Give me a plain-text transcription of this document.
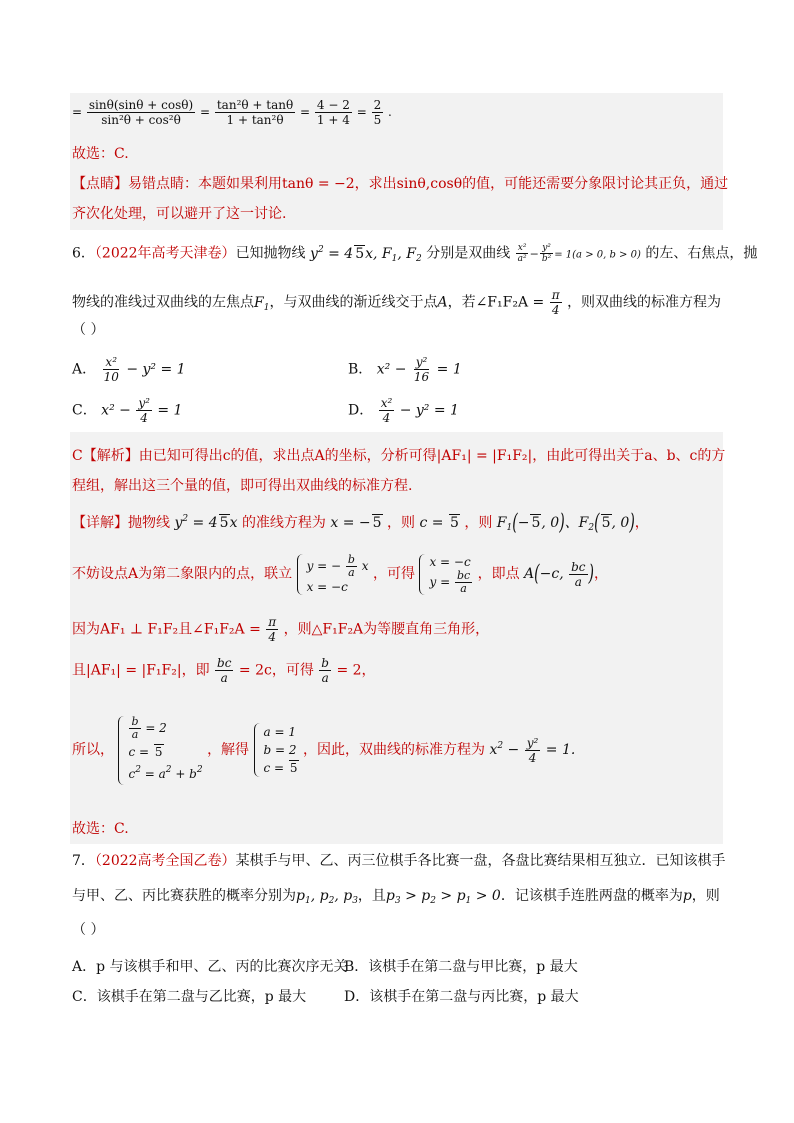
= $\frac{\sin\theta(\sin\theta + \cos\theta)}{\text{sin²θ + cos²θ}} = \frac{\text{tan²θ + tanθ}}{\text{1 + tan²θ}} = \frac{4 - 2}{1 + 4} = \frac{2}{5}$ .
故选：C.
【点睛】易错点睛：本题如果利用tanθ = −2，求出sinθ,cosθ的值，可能还需要分象限讨论其正负，通过
齐次化处理，可以避开了这一讨论.
6．（2022年高考天津卷）已知抛物线 $y^2 = 4$ 5x, $F_1$, $F_2$ 分别是双曲线 $\frac{\text{x²}}{\text{a²}} - \frac{\text{y²}}{\text{b²}} = 1(a > 0$, b > 0) 的左、右焦点，抛
物线的准线过双曲线的左焦点$F_1$，与双曲线的渐近线交于点A，若∠F₁F₂A = $\frac{\pi}{4}$ ，则双曲线的标准方程为
（ ）
A． $\frac{\text{x²}}{10} - y^2 = 1$	B． $x^2 - \frac{\text{y²}}{16} = 1$
C． $x^2 - \frac{\text{y²}}{4} = 1$	D． $\frac{\text{x²}}{4} - y^2 = 1$
C【解析】由已知可得出c的值，求出点A的坐标，分析可得|AF₁| = |F₁F₂|，由此可得出关于a、b、c的方
程组，解出这三个量的值，即可得出双曲线的标准方程.
【详解】抛物线 $y^2 = 4$ 5x 的准线方程为 x = − 5 ，则 c = 5 ，则 $F_1(- 5$, 0)、$F_2$( 5, 0)，
不妨设点A为第二象限内的点，联立
y = − $\frac{b}{a}$ x
x = −c
，可得
x = −c
$y = \frac{bc}{a}$ ，即点 A(−c, $\frac{bc}{a}$ )，
因为AF₁ ⊥ F₁F₂且∠F₁F₂A = $\frac{\pi}{4}$ ，则△F₁F₂A为等腰直角三角形，
且|AF₁| = |F₁F₂|，即 $\frac{bc}{a} = 2c$，可得 $\frac{b}{a} = 2$，
所以，
$\frac{b}{a} = 2$
c = 5
$c^2 = a^2 + b^2$
，解得
a = 1
b = 2
c = 5
，因此，双曲线的标准方程为 $x^2 - \frac{\text{y²}}{4} = 1$.
故选：C.
7．（2022高考全国乙卷）某棋手与甲、乙、丙三位棋手各比赛一盘，各盘比赛结果相互独立．已知该棋手
与甲、乙、丙比赛获胜的概率分别为$p_1$, $p_2$, $p_3$，且$p_3 > p_2 > p_1 > 0$．记该棋手连胜两盘的概率为p，则
（ ）
A．p 与该棋手和甲、乙、丙的比赛次序无关
B．该棋手在第二盘与甲比赛，p 最大
C．该棋手在第二盘与乙比赛，p 最大	D．该棋手在第二盘与丙比赛，p 最大
